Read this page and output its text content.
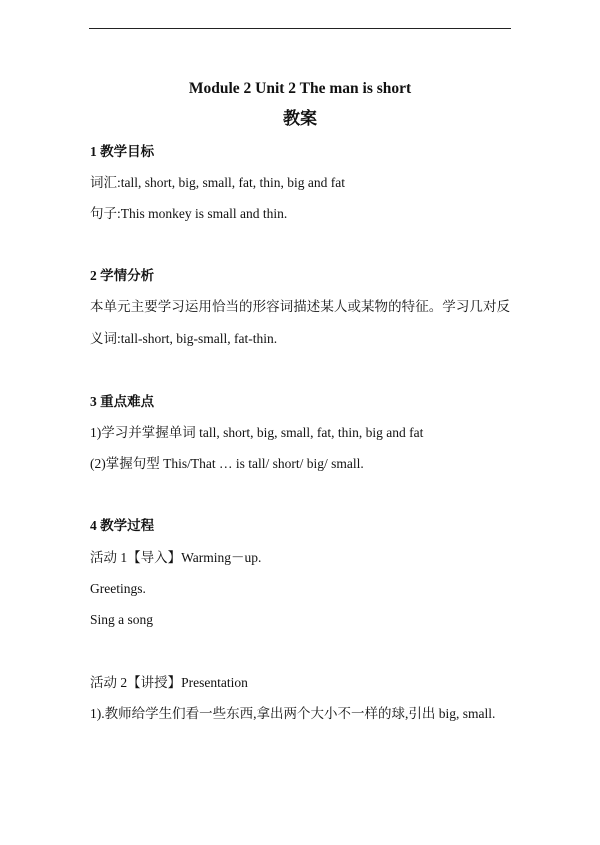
Module 2 Unit 2 The man is short
教案
1 教学目标
词汇:tall, short, big, small, fat, thin, big and fat
句子:This monkey is small and thin.
2 学情分析
本单元主要学习运用恰当的形容词描述某人或某物的特征。学习几对反义词:tall-short, big-small, fat-thin.
3 重点难点
1)学习并掌握单词 tall, short, big, small, fat, thin, big and fat
(2)掌握句型 This/That … is tall/ short/ big/ small.
4 教学过程
活动 1【导入】Warming－up.
Greetings.
Sing a song
活动 2【讲授】Presentation
1).教师给学生们看一些东西,拿出两个大小不一样的球,引出 big, small.
